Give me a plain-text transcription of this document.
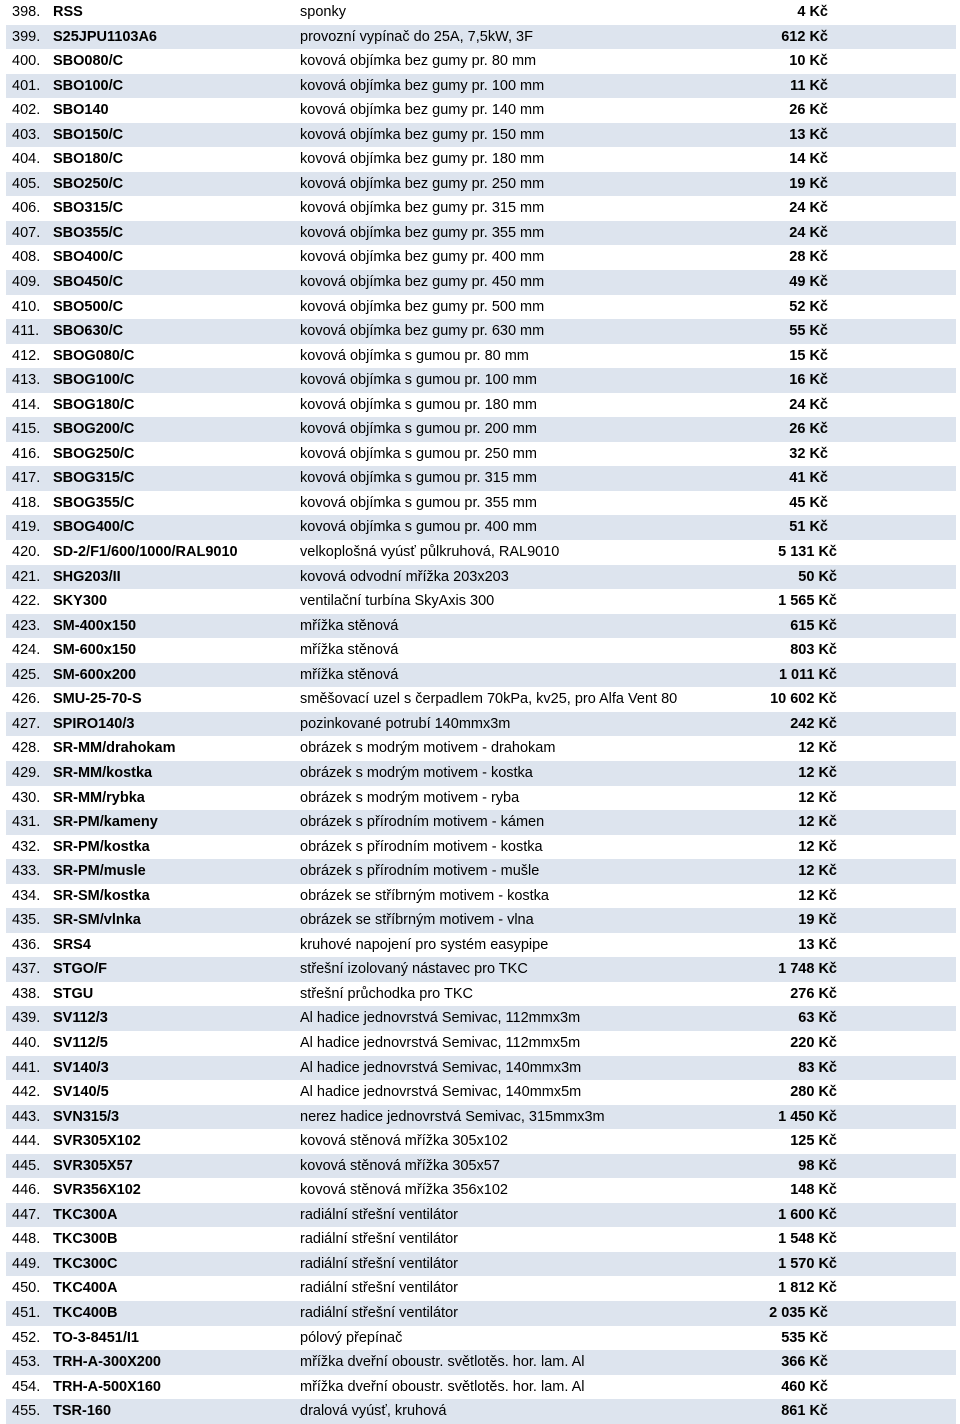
398. RSS	sponky	4 Kč
399. S25JPU1103A6	provozní vypínač do 25A, 7,5kW, 3F	612 Kč
400. SBO080/C	kovová objímka bez gumy pr. 80 mm	10 Kč
401. SBO100/C	kovová objímka bez gumy pr. 100 mm	11 Kč
402. SBO140	kovová objímka bez gumy pr. 140 mm	26 Kč
403. SBO150/C	kovová objímka bez gumy pr. 150 mm	13 Kč
404. SBO180/C	kovová objímka bez gumy pr. 180 mm	14 Kč
405. SBO250/C	kovová objímka bez gumy pr. 250 mm	19 Kč
406. SBO315/C	kovová objímka bez gumy pr. 315 mm	24 Kč
407. SBO355/C	kovová objímka bez gumy pr. 355 mm	24 Kč
408. SBO400/C	kovová objímka bez gumy pr. 400 mm	28 Kč
409. SBO450/C	kovová objímka bez gumy pr. 450 mm	49 Kč
410. SBO500/C	kovová objímka bez gumy pr. 500 mm	52 Kč
411. SBO630/C	kovová objímka bez gumy pr. 630 mm	55 Kč
412. SBOG080/C	kovová objímka s gumou pr. 80 mm	15 Kč
413. SBOG100/C	kovová objímka s gumou pr. 100 mm	16 Kč
414. SBOG180/C	kovová objímka s gumou pr. 180 mm	24 Kč
415. SBOG200/C	kovová objímka s gumou pr. 200 mm	26 Kč
416. SBOG250/C	kovová objímka s gumou pr. 250 mm	32 Kč
417. SBOG315/C	kovová objímka s gumou pr. 315 mm	41 Kč
418. SBOG355/C	kovová objímka s gumou pr. 355 mm	45 Kč
419. SBOG400/C	kovová objímka s gumou pr. 400 mm	51 Kč
420. SD-2/F1/600/1000/RAL9010	velkoplošná vyúsť půlkruhová, RAL9010	5 131 Kč
421. SHG203/II	kovová odvodní mřížka 203x203	50 Kč
422. SKY300	ventilační turbína SkyAxis 300	1 565 Kč
423. SM-400x150	mřížka stěnová	615 Kč
424. SM-600x150	mřížka stěnová	803 Kč
425. SM-600x200	mřížka stěnová	1 011 Kč
426. SMU-25-70-S	směšovací uzel s čerpadlem 70kPa, kv25, pro Alfa Vent 80	10 602 Kč
427. SPIRO140/3	pozinkované potrubí 140mmx3m	242 Kč
428. SR-MM/drahokam	obrázek s modrým motivem - drahokam	12 Kč
429. SR-MM/kostka	obrázek s modrým motivem - kostka	12 Kč
430. SR-MM/rybka	obrázek s modrým motivem - ryba	12 Kč
431. SR-PM/kameny	obrázek s přírodním motivem - kámen	12 Kč
432. SR-PM/kostka	obrázek s přírodním motivem - kostka	12 Kč
433. SR-PM/musle	obrázek s přírodním motivem - mušle	12 Kč
434. SR-SM/kostka	obrázek se stříbrným motivem - kostka	12 Kč
435. SR-SM/vlnka	obrázek se stříbrným motivem - vlna	19 Kč
436. SRS4	kruhové napojení pro systém easypipe	13 Kč
437. STGO/F	střešní izolovaný nástavec pro TKC	1 748 Kč
438. STGU	střešní průchodka pro TKC	276 Kč
439. SV112/3	Al hadice jednovrstvá Semivac, 112mmx3m	63 Kč
440. SV112/5	Al hadice jednovrstvá Semivac, 112mmx5m	220 Kč
441. SV140/3	Al hadice jednovrstvá Semivac, 140mmx3m	83 Kč
442. SV140/5	Al hadice jednovrstvá Semivac, 140mmx5m	280 Kč
443. SVN315/3	nerez hadice jednovrstvá Semivac, 315mmx3m	1 450 Kč
444. SVR305X102	kovová stěnová mřížka 305x102	125 Kč
445. SVR305X57	kovová stěnová mřížka 305x57	98 Kč
446. SVR356X102	kovová stěnová mřížka 356x102	148 Kč
447. TKC300A	radiální střešní ventilátor	1 600 Kč
448. TKC300B	radiální střešní ventilátor	1 548 Kč
449. TKC300C	radiální střešní ventilátor	1 570 Kč
450. TKC400A	radiální střešní ventilátor	1 812 Kč
451. TKC400B	radiální střešní ventilátor	2 035 Kč
452. TO-3-8451/I1	pólový přepínač	535 Kč
453. TRH-A-300X200	mřížka dveřní oboustr. světlotěs. hor. lam. Al	366 Kč
454. TRH-A-500X160	mřížka dveřní oboustr. světlotěs. hor. lam. Al	460 Kč
455. TSR-160	dralová vyúsť, kruhová	861 Kč
